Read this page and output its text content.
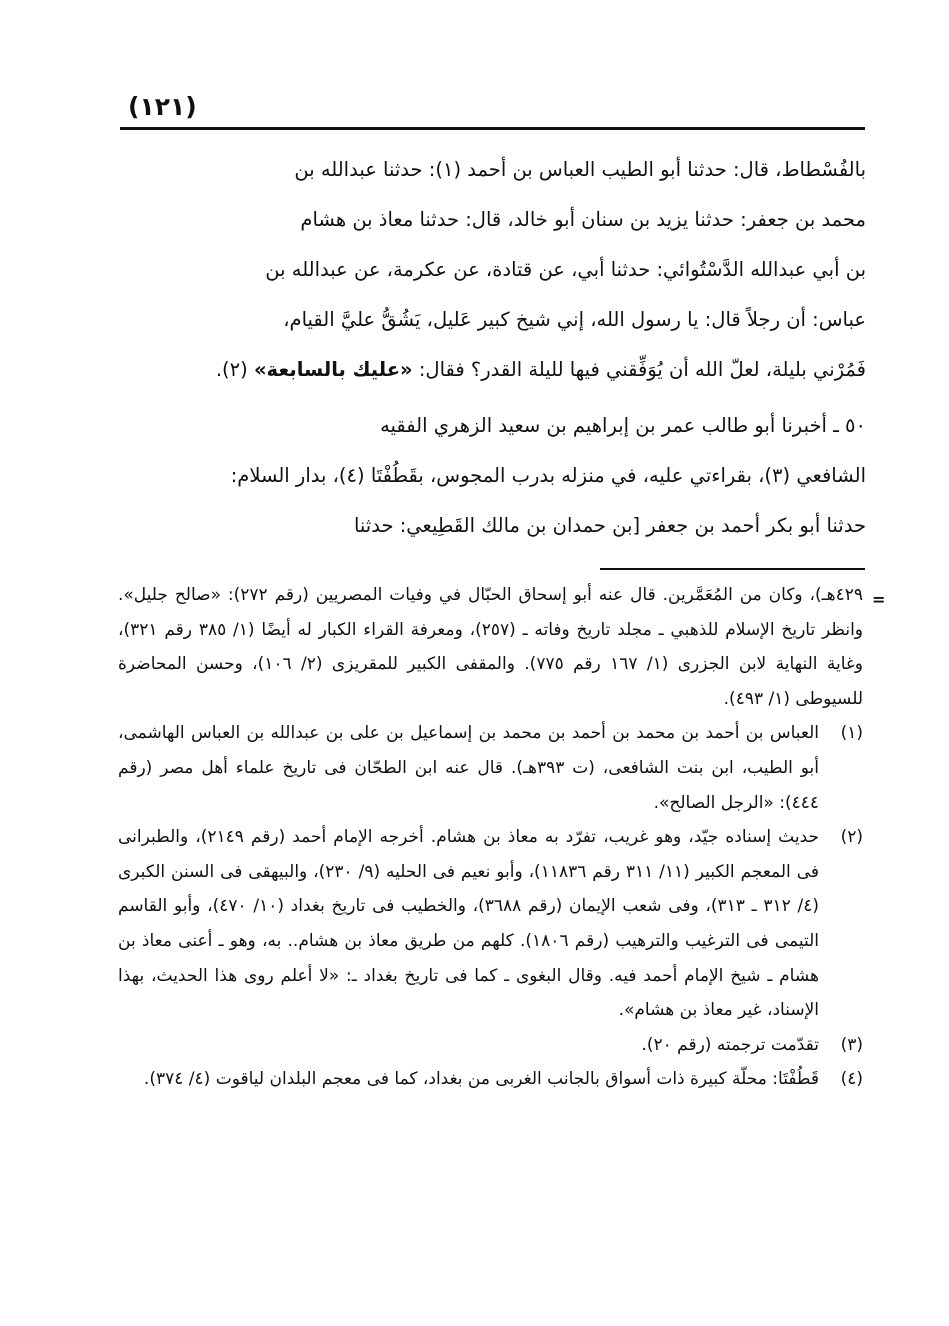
(١٢١)

بالفُسْطاط، قال: حدثنا أبو الطيب العباس بن أحمد (١): حدثنا عبدالله بن

محمد بن جعفر: حدثنا يزيد بن سنان أبو خالد، قال: حدثنا معاذ بن هشام

بن أبي عبدالله الدَّسْتُوائي: حدثنا أبي، عن قتادة، عن عكرمة، عن عبدالله بن

عباس: أن رجلاً قال: يا رسول الله، إني شيخ كبير عَليل، يَشُقُّ عليَّ القيام،

فَمُرْني بليلة، لعلّ الله أن يُوَفِّقني فيها لليلة القدر؟ فقال: «عليك بالسابعة» (٢).

٥٠ ـ أخبرنا أبو طالب عمر بن إبراهيم بن سعيد الزهري الفقيه

الشافعي (٣)، بقراءتي عليه، في منزله بدرب المجوس، بقَطُفْتَا (٤)، بدار السلام:

حدثنا أبو بكر أحمد بن جعفر [بن حمدان بن مالك القَطِيعي: حدثنا

=

٤٢٩هـ)، وكان من المُعَمَّرين. قال عنه أبو إسحاق الحبّال في وفيات المصريين (رقم ٢٧٢): «صالح جليل». وانظر تاريخ الإسلام للذهبي ـ مجلد تاريخ وفاته ـ (٢٥٧)، ومعرفة القراء الكبار له أيضًا (١/ ٣٨٥ رقم ٣٢١)، وغاية النهاية لابن الجزرى (١/ ١٦٧ رقم ٧٧٥). والمقفى الكبير للمقريزى (٢/ ١٠٦)، وحسن المحاضرة للسيوطى (١/ ٤٩٣).

(١)
العباس بن أحمد بن محمد بن أحمد بن محمد بن إسماعيل بن على بن عبدالله بن العباس الهاشمى، أبو الطيب، ابن بنت الشافعى، (ت ٣٩٣هـ). قال عنه ابن الطحّان فى تاريخ علماء أهل مصر (رقم ٤٤٤): «الرجل الصالح».
(٢)
حديث إسناده جيّد، وهو غريب، تفرّد به معاذ بن هشام. أخرجه الإمام أحمد (رقم ٢١٤٩)، والطبرانى فى المعجم الكبير (١١/ ٣١١ رقم ١١٨٣٦)، وأبو نعيم فى الحليه (٩/ ٢٣٠)، والبيهقى فى السنن الكبرى (٤/ ٣١٢ ـ ٣١٣)، وفى شعب الإيمان (رقم ٣٦٨٨)، والخطيب فى تاريخ بغداد (١٠/ ٤٧٠)، وأبو القاسم التيمى فى الترغيب والترهيب (رقم ١٨٠٦). كلهم من طريق معاذ بن هشام.. به، وهو ـ أعنى معاذ بن هشام ـ شيخ الإمام أحمد فيه. وقال البغوى ـ كما فى تاريخ بغداد ـ: «لا أعلم روى هذا الحديث، بهذا الإسناد، غير معاذ بن هشام».
(٣)
تقدّمت ترجمته (رقم ٢٠).
(٤)
قَطُفْتَا: محلّة كبيرة ذات أسواق بالجانب الغربى من بغداد، كما فى معجم البلدان لياقوت (٤/ ٣٧٤).
